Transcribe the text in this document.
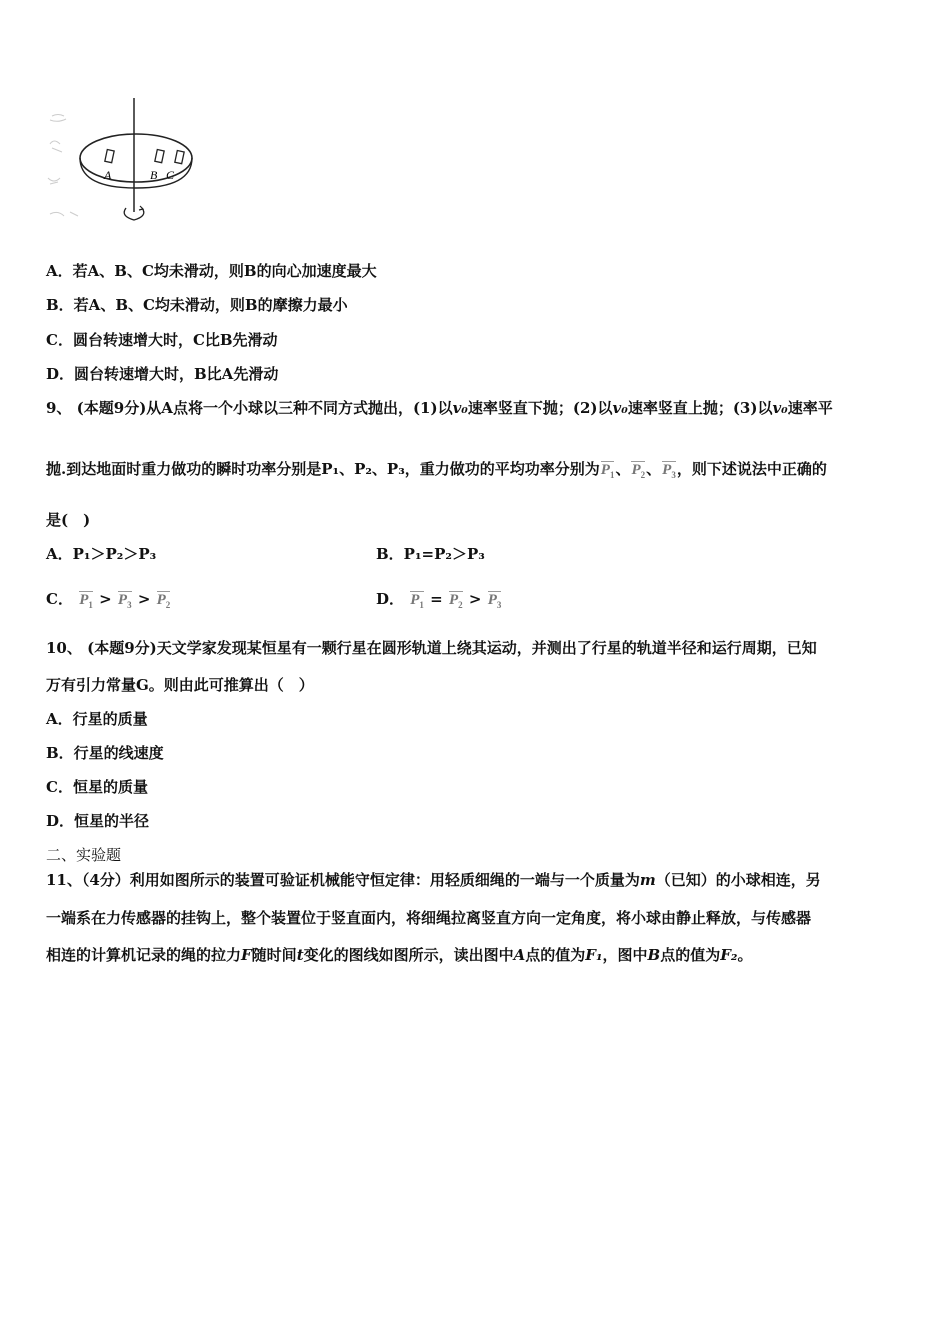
A	B C
A．若A、B、C均未滑动，则B的向心加速度最大
B．若A、B、C均未滑动，则B的摩擦力最小
C．圆台转速增大时，C比B先滑动
D．圆台转速增大时，B比A先滑动
9、 (本题9分)从A点将一个小球以三种不同方式抛出，(1)以v₀速率竖直下抛；(2)以v₀速率竖直上抛；(3)以v₀速率平
抛.到达地面时重力做功的瞬时功率分别是P₁、P₂、P₃，重力做功的平均功率分别为$P_1$、$P_2$、$P_3$，则下述说法中正确的
是(　)
A．P₁＞P₂＞P₃	B．P₁=P₂＞P₃
C． $P_1 > P_3 > P_2$	D． $P_1 = P_2 > P_3$
10、 (本题9分)天文学家发现某恒星有一颗行星在圆形轨道上绕其运动，并测出了行星的轨道半径和运行周期，已知
万有引力常量G。则由此可推算出（　）
A．行星的质量
B．行星的线速度
C．恒星的质量
D．恒星的半径
二、实验题
11、（4分）利用如图所示的装置可验证机械能守恒定律：用轻质细绳的一端与一个质量为m（已知）的小球相连，另
一端系在力传感器的挂钩上，整个装置位于竖直面内，将细绳拉离竖直方向一定角度，将小球由静止释放，与传感器
相连的计算机记录的绳的拉力F随时间t变化的图线如图所示，读出图中A点的值为F₁，图中B点的值为F₂。
